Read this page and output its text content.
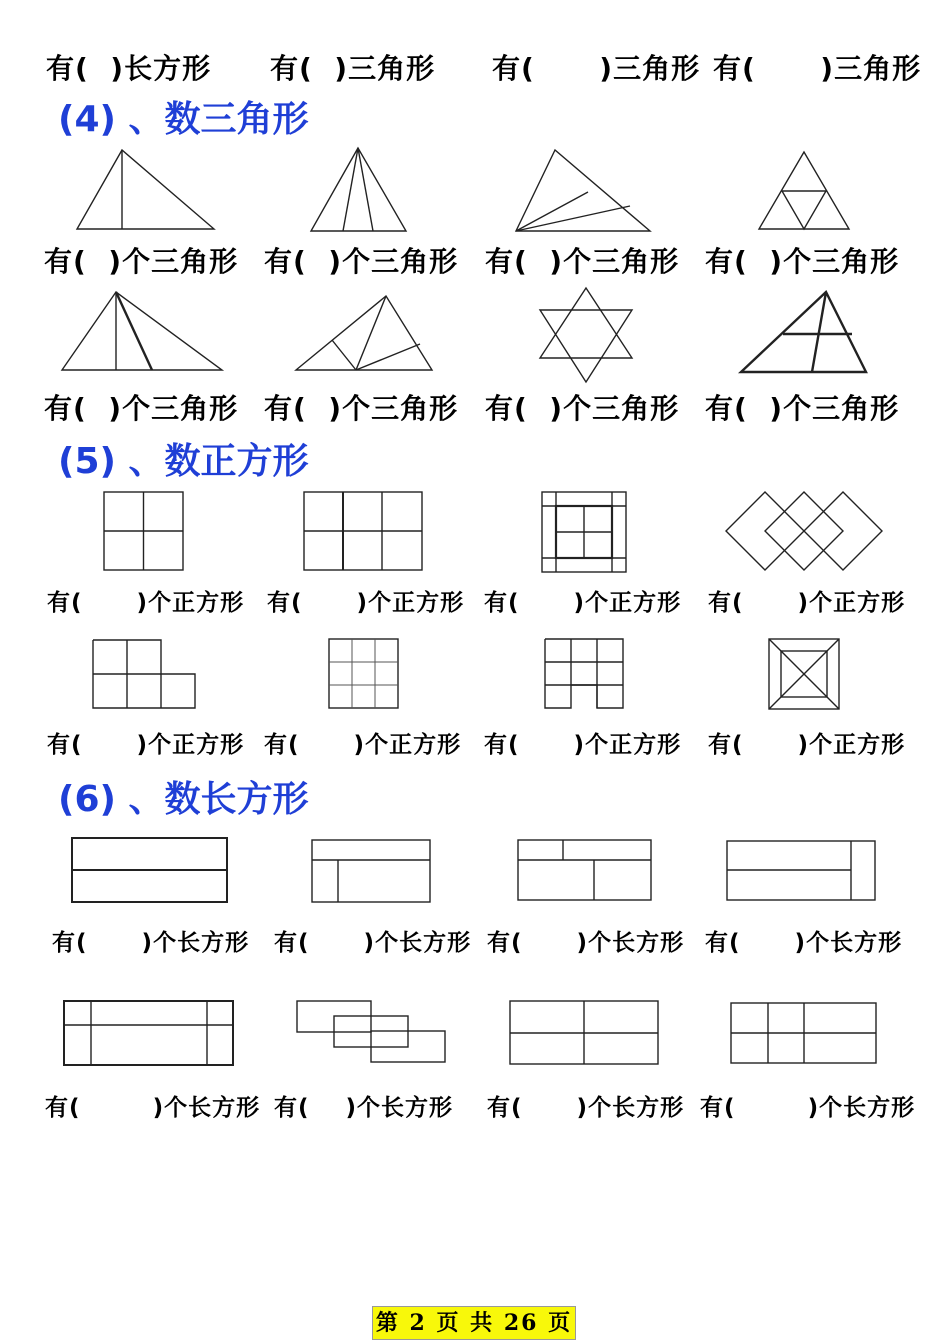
有(  )长方形 有(  )三角形 有(      )三角形 有(      )三角形
(4) 、数三角形
有(  )个三角形 有(  )个三角形 有(  )个三角形 有(  )个三角形
有(  )个三角形 有(  )个三角形 有(  )个三角形 有(  )个三角形
(5) 、数正方形
有(      )个正方形 有(      )个正方形 有(      )个正方形 有(      )个正方形
有(      )个正方形 有(      )个正方形 有(      )个正方形 有(      )个正方形
(6) 、数长方形
有(      )个长方形 有(      )个长方形 有(      )个长方形 有(      )个长方形
有(        )个长方形 有(    )个长方形 有(      )个长方形 有(        )个长方形
第 2 页 共 26 页
